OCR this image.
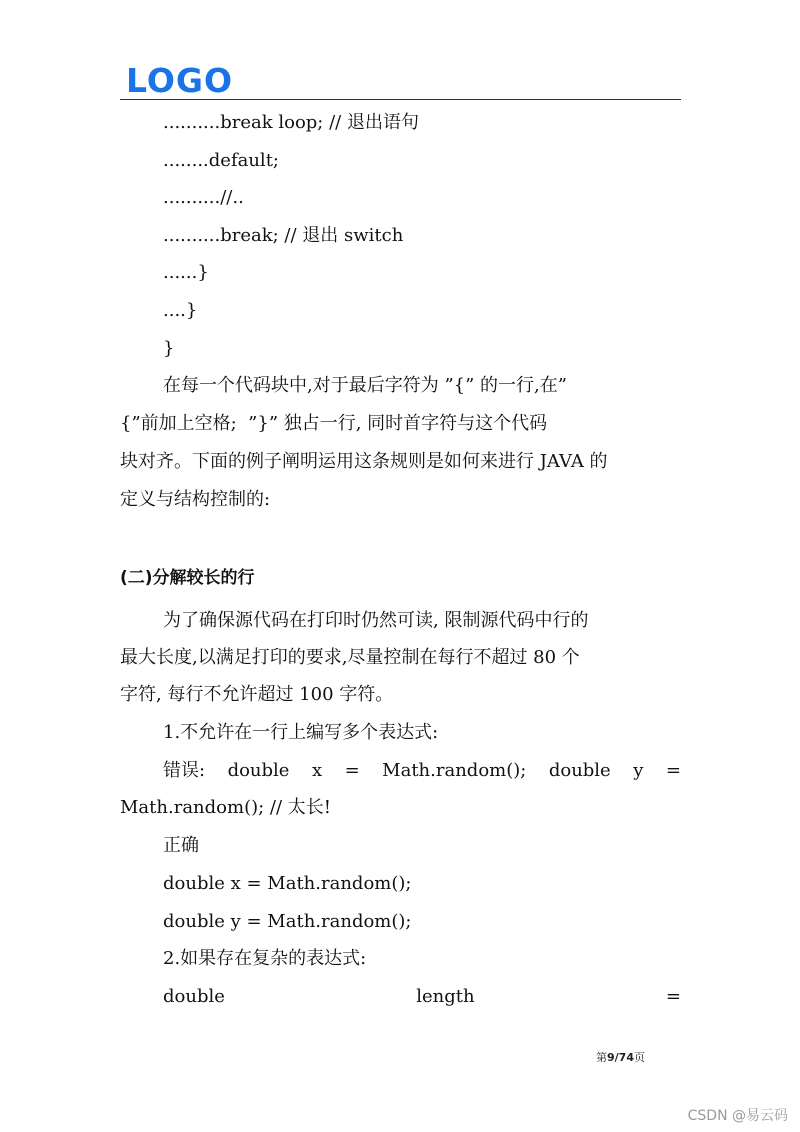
LOGO
..........break loop; // 退出语句
........default;
..........//..
..........break; // 退出 switch
......}
....}
}
在每一个代码块中,对于最后字符为 ”{” 的一行,在”
{”前加上空格;  ”}” 独占一行, 同时首字符与这个代码
块对齐。下面的例子阐明运用这条规则是如何来进行 JAVA 的
定义与结构控制的:
(二)分解较长的行
为了确保源代码在打印时仍然可读, 限制源代码中行的
最大长度,以满足打印的要求,尽量控制在每行不超过 80 个
字符, 每行不允许超过 100 字符。
1.不允许在一行上编写多个表达式:
错误: double x = Math.random(); double y =
Math.random(); // 太长!
正确
double x = Math.random();
double y = Math.random();
2.如果存在复杂的表达式:
double	length	=
第9/74页
CSDN @易云码
